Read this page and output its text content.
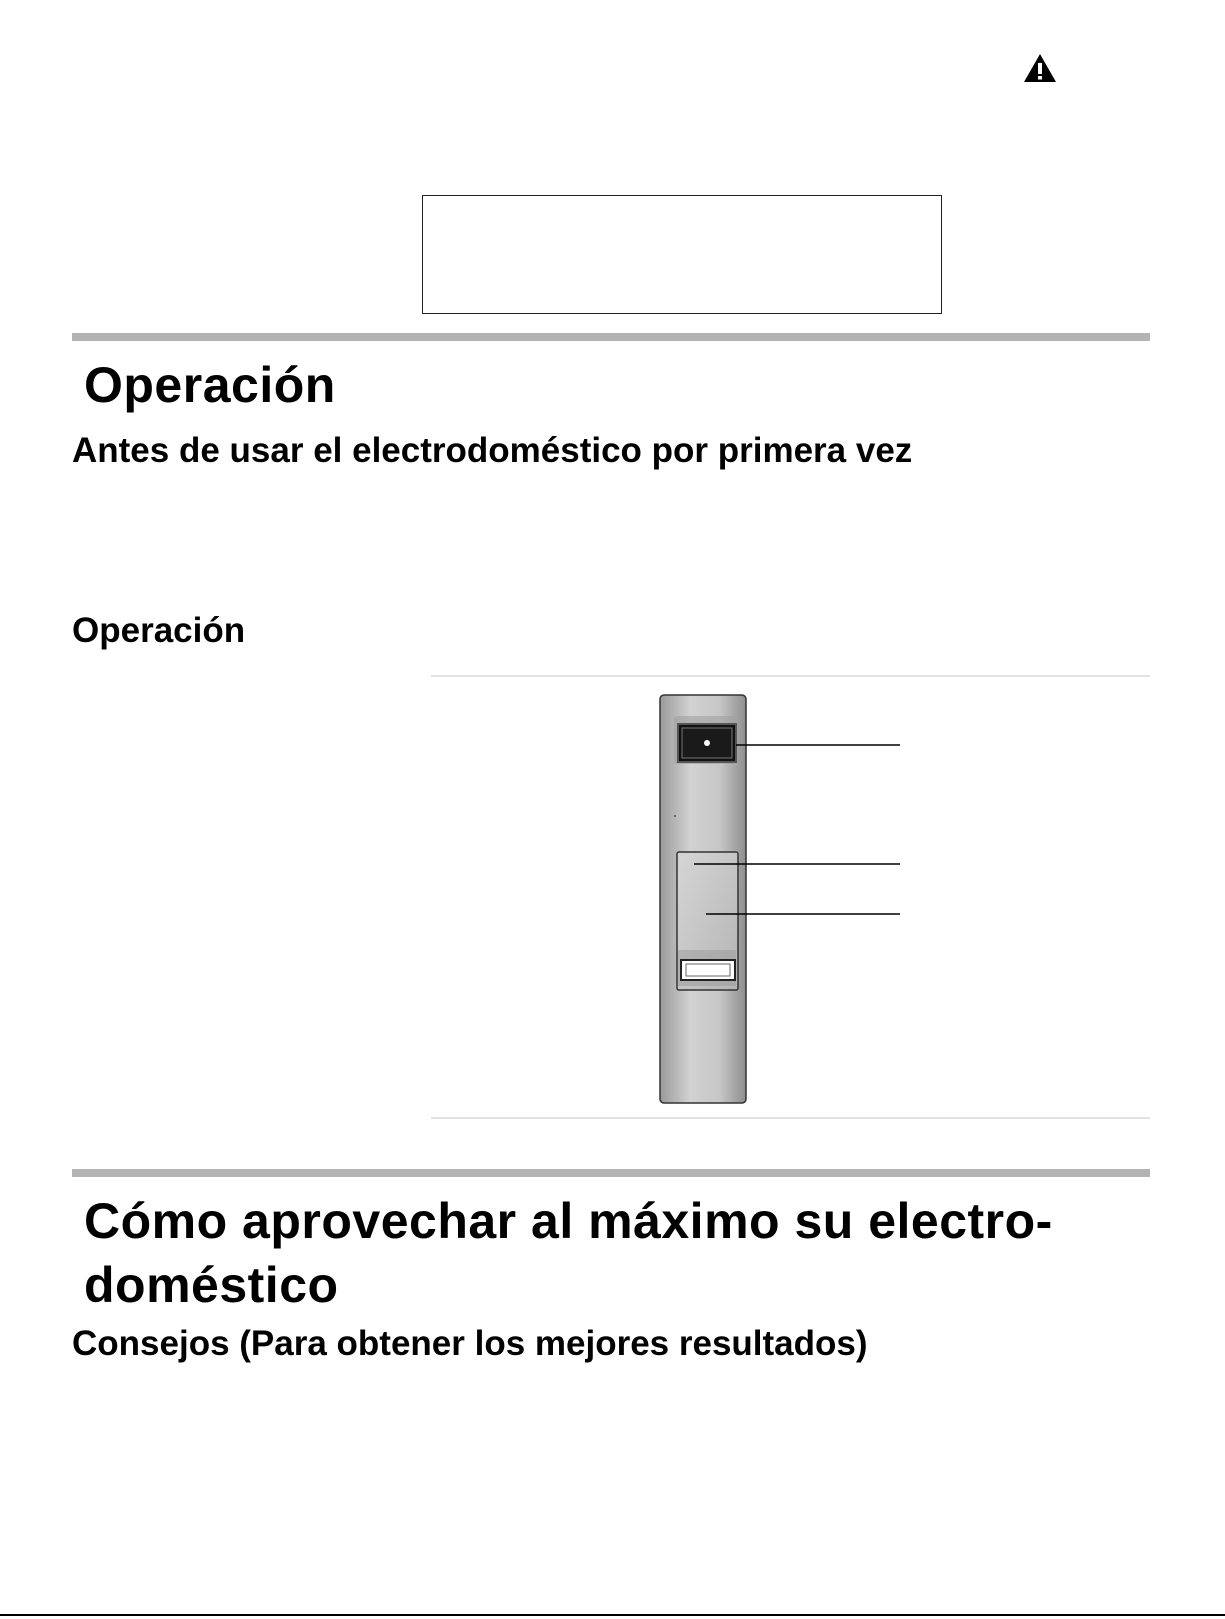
Operación
Antes de usar el electrodoméstico por primera vez
Operación
Cómo aprovechar al máximo su electro-
doméstico
Consejos (Para obtener los mejores resultados)
